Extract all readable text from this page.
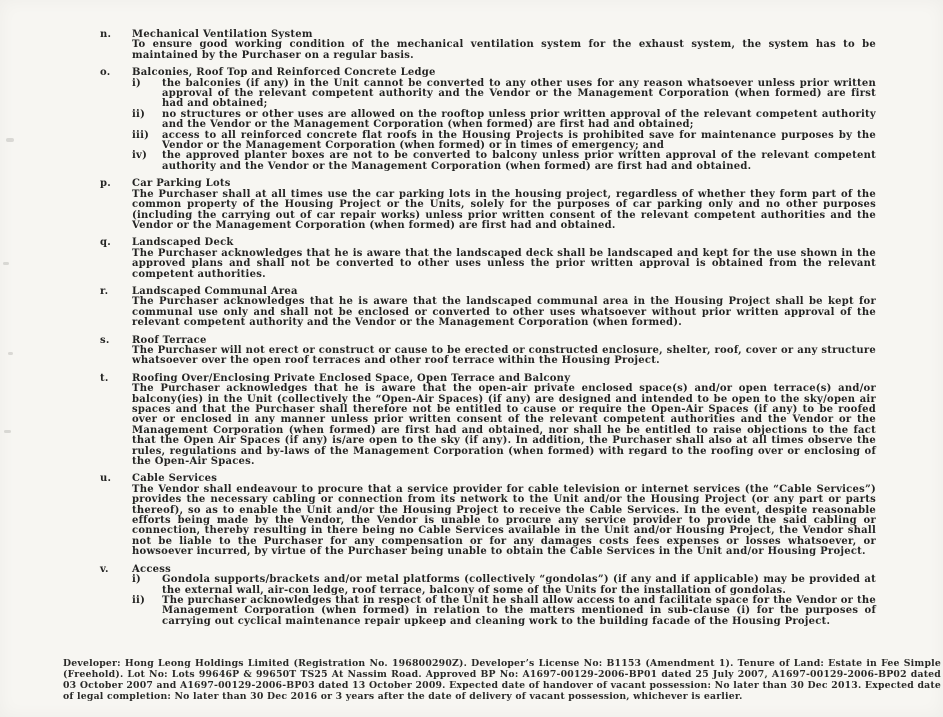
n.	Mechanical Ventilation System
To ensure good working condition of the mechanical ventilation system for the exhaust system, the system has to be maintained by the Purchaser on a regular basis.
o.	Balconies, Roof Top and Reinforced Concrete Ledge
i)	the balconies (if any) in the Unit cannot be converted to any other uses for any reason whatsoever unless prior written approval of the relevant competent authority and the Vendor or the Management Corporation (when formed) are first had and obtained;
ii)	no structures or other uses are allowed on the rooftop unless prior written approval of the relevant competent authority and the Vendor or the Management Corporation (when formed) are first had and obtained;
iii)	access to all reinforced concrete flat roofs in the Housing Projects is prohibited save for maintenance purposes by the Vendor or the Management Corporation (when formed) or in times of emergency; and
iv)	the approved planter boxes are not to be converted to balcony unless prior written approval of the relevant competent authority and the Vendor or the Management Corporation (when formed) are first had and obtained.
p.	Car Parking Lots
The Purchaser shall at all times use the car parking lots in the housing project, regardless of whether they form part of the common property of the Housing Project or the Units, solely for the purposes of car parking only and no other purposes (including the carrying out of car repair works) unless prior written consent of the relevant competent authorities and the Vendor or the Management Corporation (when formed) are first had and obtained.
q.	Landscaped Deck
The Purchaser acknowledges that he is aware that the landscaped deck shall be landscaped and kept for the use shown in the approved plans and shall not be converted to other uses unless the prior written approval is obtained from the relevant competent authorities.
r.	Landscaped Communal Area
The Purchaser acknowledges that he is aware that the landscaped communal area in the Housing Project shall be kept for communal use only and shall not be enclosed or converted to other uses whatsoever without prior written approval of the relevant competent authority and the Vendor or the Management Corporation (when formed).
s.	Roof Terrace
The Purchaser will not erect or construct or cause to be erected or constructed enclosure, shelter, roof, cover or any structure whatsoever over the open roof terraces and other roof terrace within the Housing Project.
t.	Roofing Over/Enclosing Private Enclosed Space, Open Terrace and Balcony
The Purchaser acknowledges that he is aware that the open-air private enclosed space(s) and/or open terrace(s) and/or balcony(ies) in the Unit (collectively the “Open-Air Spaces) (if any) are designed and intended to be open to the sky/open air spaces and that the Purchaser shall therefore not be entitled to cause or require the Open-Air Spaces (if any) to be roofed over or enclosed in any manner unless prior written consent of the relevant competent authorities and the Vendor or the Management Corporation (when formed) are first had and obtained, nor shall he be entitled to raise objections to the fact that the Open Air Spaces (if any) is/are open to the sky (if any). In addition, the Purchaser shall also at all times observe the rules, regulations and by-laws of the Management Corporation (when formed) with regard to the roofing over or enclosing of the Open-Air Spaces.
u.	Cable Services
The Vendor shall endeavour to procure that a service provider for cable television or internet services (the “Cable Services”) provides the necessary cabling or connection from its network to the Unit and/or the Housing Project (or any part or parts thereof), so as to enable the Unit and/or the Housing Project to receive the Cable Services. In the event, despite reasonable efforts being made by the Vendor, the Vendor is unable to procure any service provider to provide the said cabling or connection, thereby resulting in there being no Cable Services available in the Unit and/or Housing Project, the Vendor shall not be liable to the Purchaser for any compensation or for any damages costs fees expenses or losses whatsoever, or howsoever incurred, by virtue of the Purchaser being unable to obtain the Cable Services in the Unit and/or Housing Project.
v.	Access
i)	Gondola supports/brackets and/or metal platforms (collectively “gondolas”) (if any and if applicable) may be provided at the external wall, air-con ledge, roof terrace, balcony of some of the Units for the installation of gondolas.
ii)	The purchaser acknowledges that in respect of the Unit he shall allow access to and facilitate space for the Vendor or the Management Corporation (when formed) in relation to the matters mentioned in sub-clause (i) for the purposes of carrying out cyclical maintenance repair upkeep and cleaning work to the building facade of the Housing Project.
Developer: Hong Leong Holdings Limited (Registration No. 196800290Z). Developer’s License No: B1153 (Amendment 1). Tenure of Land: Estate in Fee Simple (Freehold). Lot No: Lots 99646P & 99650T TS25 At Nassim Road. Approved BP No: A1697-00129-2006-BP01 dated 25 July 2007, A1697-00129-2006-BP02 dated 03 October 2007 and A1697-00129-2006-BP03 dated 13 October 2009. Expected date of handover of vacant possession: No later than 30 Dec 2013. Expected date of legal completion: No later than 30 Dec 2016 or 3 years after the date of delivery of vacant possession, whichever is earlier.
